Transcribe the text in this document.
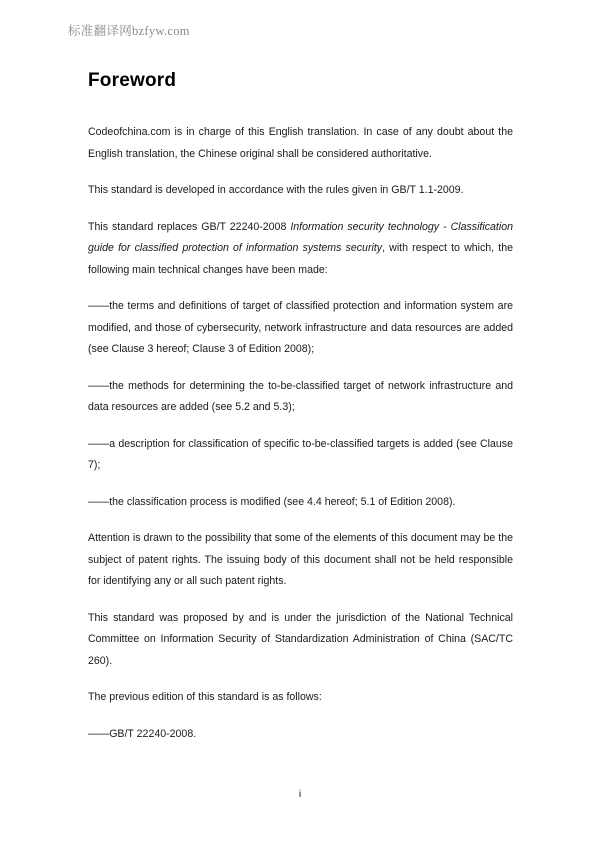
标准翻译网bzfyw.com
Foreword

Codeofchina.com is in charge of this English translation. In case of any doubt about the English translation, the Chinese original shall be considered authoritative.

This standard is developed in accordance with the rules given in GB/T 1.1-2009.

This standard replaces GB/T 22240-2008 Information security technology - Classification guide for classified protection of information systems security, with respect to which, the following main technical changes have been made:

——the terms and definitions of target of classified protection and information system are modified, and those of cybersecurity, network infrastructure and data resources are added (see Clause 3 hereof; Clause 3 of Edition 2008);

——the methods for determining the to-be-classified target of network infrastructure and data resources are added (see 5.2 and 5.3);

——a description for classification of specific to-be-classified targets is added (see Clause 7);

——the classification process is modified (see 4.4 hereof; 5.1 of Edition 2008).

Attention is drawn to the possibility that some of the elements of this document may be the subject of patent rights. The issuing body of this document shall not be held responsible for identifying any or all such patent rights.

This standard was proposed by and is under the jurisdiction of the National Technical Committee on Information Security of Standardization Administration of China (SAC/TC 260).

The previous edition of this standard is as follows:

——GB/T 22240-2008.

i
